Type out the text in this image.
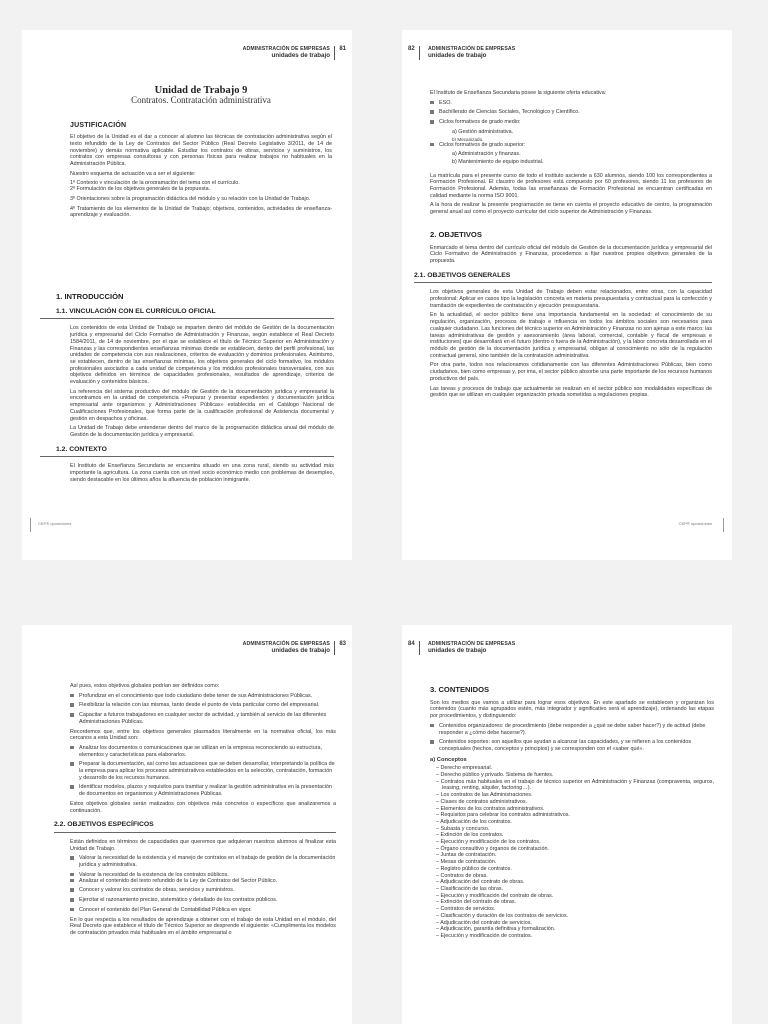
ADMINISTRACIÓN DE EMPRESAS
unidades de trabajo
81
Unidad de Trabajo 9
Contratos. Contratación administrativa
JUSTIFICACIÓN

El objetivo de la Unidad es el dar a conocer al alumno las técnicas de contratación administrativa según el texto refundido de la Ley de Contratos del Sector Público (Real Decreto Legislativo 3/2011, de 14 de noviembre) y demás normativa aplicable. Estudiar los contratos de obras, servicios y suministros, los contratos con empresas consultoras y con personas físicas para realizar trabajos no habituales en la Administración Pública.

Nuestro esquema de actuación va a ser el siguiente:

1º Contexto y vinculación de la programación del tema con el currículo.

2º Formulación de los objetivos generales de la propuesta.

3º Orientaciones sobre la programación didáctica del módulo y su relación con la Unidad de Trabajo.

4º Tratamiento de los elementos de la Unidad de Trabajo: objetivos, contenidos, actividades de enseñanza-aprendizaje y evaluación.

1. INTRODUCCIÓN
1.1. VINCULACIÓN CON EL CURRÍCULO OFICIAL

Los contenidos de esta Unidad de Trabajo se imparten dentro del módulo de Gestión de la documentación jurídica y empresarial del Ciclo Formativo de Administración y Finanzas, según establece el Real Decreto 1584/2011, de 14 de noviembre, por el que se establece el título de Técnico Superior en Administración y Finanzas y las correspondientes enseñanzas mínimas donde se establecen, dentro del perfil profesional, las unidades de competencia con sus realizaciones, criterios de evaluación y dominios profesionales. Asimismo, se establecen, dentro de las enseñanzas mínimas, los objetivos generales del ciclo formativo, los módulos profesionales asociados a cada unidad de competencia y los módulos profesionales transversales, con sus objetivos definidos en términos de capacidades profesionales, resultados de aprendizaje, criterios de evaluación y contenidos básicos.

La referencia del sistema productivo del módulo de Gestión de la documentación jurídica y empresarial la encontramos en la unidad de competencia «Preparar y presentar expedientes y documentación jurídica empresarial ante organismos y Administraciones Públicas» establecida en el Catálogo Nacional de Cualificaciones Profesionales, que forma parte de la cualificación profesional de Asistencia documental y gestión en despachos y oficinas.

La Unidad de Trabajo debe entenderse dentro del marco de la programación didáctica anual del módulo de Gestión de la documentación jurídica y empresarial.

1.2. CONTEXTO

El Instituto de Enseñanza Secundaria se encuentra situado en una zona rural, siendo su actividad más importante la agricultura. La zona cuenta con un nivel socio económico medio con problemas de desempleo, siendo destacable en los últimos años la afluencia de población inmigrante.

CEP® oposiciones
82	ADMINISTRACIÓN DE EMPRESAS
unidades de trabajo

El Instituto de Enseñanza Secundaria posee la siguiente oferta educativa:

ESO.
Bachillerato de Ciencias Sociales, Tecnológico y Científico.
Ciclos formativos de grado medio:

a) Gestión administrativa.

b) Mecanizado.

Ciclos formativos de grado superior:

a) Administración y finanzas.

b) Mantenimiento de equipo industrial.

La matrícula para el presente curso de todo el instituto asciende a 630 alumnos, siendo 100 los correspondientes a Formación Profesional. El claustro de profesores está compuesto por 60 profesores, siendo 11 los profesores de Formación Profesional. Además, todas las enseñanzas de Formación Profesional se encuentran certificadas en calidad mediante la norma ISO 9001.

A la hora de realizar la presente programación se tiene en cuenta el proyecto educativo de centro, la programación general anual así como el proyecto curricular del ciclo superior de Administración y Finanzas.

2. OBJETIVOS

Enmarcado el tema dentro del currículo oficial del módulo de Gestión de la documentación jurídica y empresarial del Ciclo Formativo de Administración y Finanzas, procedemos a fijar nuestros propios objetivos generales de la propuesta.

2.1. OBJETIVOS GENERALES

Los objetivos generales de esta Unidad de Trabajo deben estar relacionados, entre otras, con la capacidad profesional: Aplicar en casos tipo la legislación concreta en materia presupuestaria y contractual para la confección y tramitación de expedientes de contratación y ejecución presupuestaria.

En la actualidad, el sector público tiene una importancia fundamental en la sociedad: el conocimiento de su regulación, organización, procesos de trabajo e influencia en todos los ámbitos sociales son necesarios para cualquier ciudadano. Las funciones del técnico superior en Administración y Finanzas no son ajenas a este marco: las tareas administrativas de gestión y asesoramiento (área laboral, comercial, contable y fiscal de empresas e instituciones) que desarrollará en el futuro (dentro o fuera de la Administración), y la labor concreta desarrollada en el módulo de gestión de la documentación jurídica y empresarial, obligan al conocimiento no sólo de la regulación contractual general, sino también de la contratación administrativa.

Por otra parte, todos nos relacionamos cotidianamente con las diferentes Administraciones Públicas, bien como ciudadanos, bien como empresas y, por ima, el sector público absorbe una parte importante de los recursos humanos productivos del país.

Las tareas y procesos de trabajo que actualmente se realizan en el sector público son modalidades específicas de gestión que se utilizan en cualquier organización privada sometidas a regulaciones propias.

CEP® oposiciones
ADMINISTRACIÓN DE EMPRESAS
unidades de trabajo
83

Así pues, estos objetivos globales podrían ser definidos como:

Profundizar en el conocimiento que todo ciudadano debe tener de sus Administraciones Públicas.
Flexibilizar la relación con las mismas, tanto desde el punto de vista particular como del empresarial.
Capacitar a futuros trabajadores en cualquier sector de actividad, y también al servicio de las diferentes Administraciones Públicas.

Recordemos que, entre los objetivos generales plasmados literalmente en la normativa oficial, los más cercanos a esta Unidad son:

Analizar los documentos o comunicaciones que se utilizan en la empresa reconociendo su estructura, elementos y características para elaborarlos.
Preparar la documentación, así como las actuaciones que se deben desarrollar, interpretando la política de la empresa para aplicar los procesos administrativos establecidos en la selección, contratación, formación y desarrollo de los recursos humanos.
Identificar modelos, plazos y requisitos para tramitar y realizar la gestión administrativa en la presentación de documentos en organismos y Administraciones Públicas.

Estos objetivos globales serán matizados con objetivos más concretos o específicos que analizaremos a continuación.

2.2. OBJETIVOS ESPECÍFICOS

Están definidos en términos de capacidades que queremos que adquieran nuestros alumnos al finalizar esta Unidad de Trabajo.

Valorar la necesidad de la existencia y el manejo de contratos en el trabajo de gestión de la documentación jurídica y administrativa.
Valorar la necesidad de la existencia de los contratos públicos.
Analizar el contenido del texto refundido de la Ley de Contratos del Sector Público.
Conocer y valorar los contratos de obras, servicios y suministros.
Ejercitar el razonamiento preciso, sistemático y detallado de los contratos públicos.
Conocer el contenido del Plan General de Contabilidad Pública en vigor.

En lo que respecta a los resultados de aprendizaje a obtener con el trabajo de esta Unidad en el módulo, del Real Decreto que establece el título de Técnico Superior se desprende el siguiente: «Cumplimenta los modelos de contratación privados más habituales en el ámbito empresarial o

84	ADMINISTRACIÓN DE EMPRESAS
unidades de trabajo
3. CONTENIDOS

Son los medios que vamos a utilizar para lograr esos objetivos. En este apartado se establecen y organizan los contenidos (cuanto más agrupados estén, más integrador y significativo será el aprendizaje), ordenando las etapas por procedimientos, y distinguiendo:

Contenidos organizadores: de procedimiento (debe responder a ¿qué se debe saber hacer?) y de actitud (debe responder a ¿cómo debe hacerse?).
Contenidos soportes: son aquellos que ayudan a alcanzar las capacidades, y se refieren a los contenidos conceptuales (hechos, conceptos y principios) y se corresponden con el «saber qué».
a) Conceptos

– Derecho empresarial.

– Derecho público y privado. Sistema de fuentes.

– Contratos más habituales en el trabajo de técnico superior en Administración y Finanzas (compraventa, seguros, leasing, renting, alquiler, factoring…).

– Los contratos de las Administraciones.

– Clases de contratos administrativos.

– Elementos de los contratos administrativos.

– Requisitos para celebrar los contratos administrativos.

– Adjudicación de los contratos.

– Subasta y concurso.

– Extinción de los contratos.

– Ejecución y modificación de los contratos.

– Órgano consultivo y órganos de contratación.

– Juntas de contratación.

– Mesas de contratación.

– Registro público de contratos.

– Contratos de obras.

– Adjudicación del contrato de obras.

– Clasificación de las obras.

– Ejecución y modificación del contrato de obras.

– Extinción del contrato de obras.

– Contratos de servicios.

– Clasificación y duración de los contratos de servicios.

– Adjudicación del contrato de servicios.

– Adjudicación, garantía definitiva y formalización.

– Ejecución y modificación de contratos.
